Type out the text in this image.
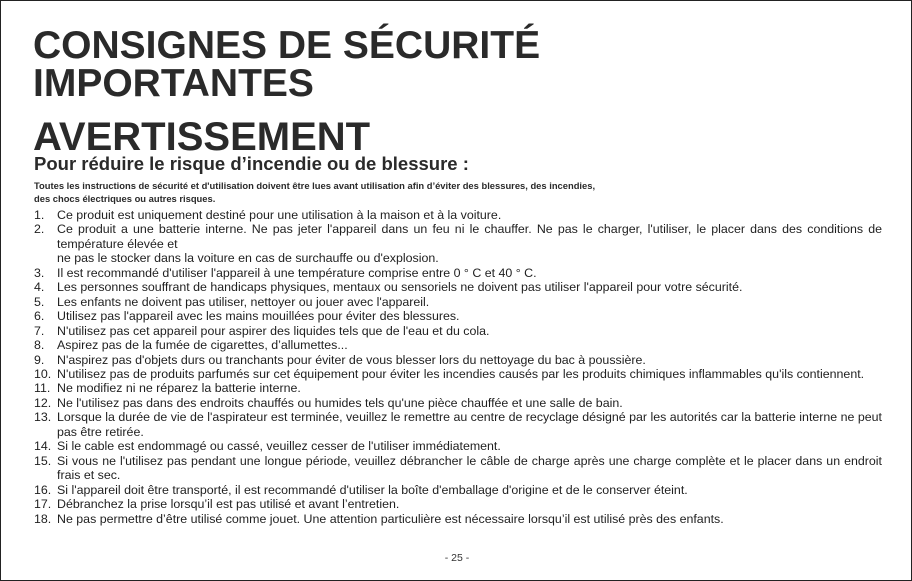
CONSIGNES DE SÉCURITÉ
IMPORTANTES
AVERTISSEMENT
Pour réduire le risque d’incendie ou de blessure :

Toutes les instructions de sécurité et d'utilisation doivent être lues avant utilisation afin d’éviter des blessures, des incendies,
des chocs électriques ou autres risques.

1. Ce produit est uniquement destiné pour une utilisation à la maison et à la voiture.
2. Ce produit a une batterie interne. Ne pas jeter l'appareil dans un feu ni le chauffer. Ne pas le charger, l'utiliser, le placer dans des conditions de température élevée et
ne pas le stocker dans la voiture en cas de surchauffe ou d'explosion.
3. Il est recommandé d'utiliser l'appareil à une température comprise entre 0 ° C et 40 ° C.
4. Les personnes souffrant de handicaps physiques, mentaux ou sensoriels ne doivent pas utiliser l'appareil pour votre sécurité.
5. Les enfants ne doivent pas utiliser, nettoyer ou jouer avec l'appareil.
6. Utilisez pas l'appareil avec les mains mouillées pour éviter des blessures.
7. N'utilisez pas cet appareil pour aspirer des liquides tels que de l'eau et du cola.
8. Aspirez pas de la fumée de cigarettes, d’allumettes...
9. N'aspirez pas d'objets durs ou tranchants pour éviter de vous blesser lors du nettoyage du bac à poussière.
10. N'utilisez pas de produits parfumés sur cet équipement pour éviter les incendies causés par les produits chimiques inflammables qu'ils contiennent.
11. Ne modifiez ni ne réparez la batterie interne.
12. Ne l'utilisez pas dans des endroits chauffés ou humides tels qu'une pièce chauffée et une salle de bain.
13. Lorsque la durée de vie de l'aspirateur est terminée, veuillez le remettre au centre de recyclage désigné par les autorités car la batterie interne ne peut pas être retirée.
14. Si le cable est endommagé ou cassé, veuillez cesser de l'utiliser immédiatement.
15. Si vous ne l'utilisez pas pendant une longue période, veuillez débrancher le câble de charge après une charge complète et le placer dans un endroit frais et sec.
16. Si l'appareil doit être transporté, il est recommandé d'utiliser la boîte d'emballage d'origine et de le conserver éteint.
17. Débranchez la prise lorsqu’il est pas utilisé et avant l’entretien.
18. Ne pas permettre d’être utilisé comme jouet. Une attention particulière est nécessaire lorsqu’il est utilisé près des enfants.
- 25 -
